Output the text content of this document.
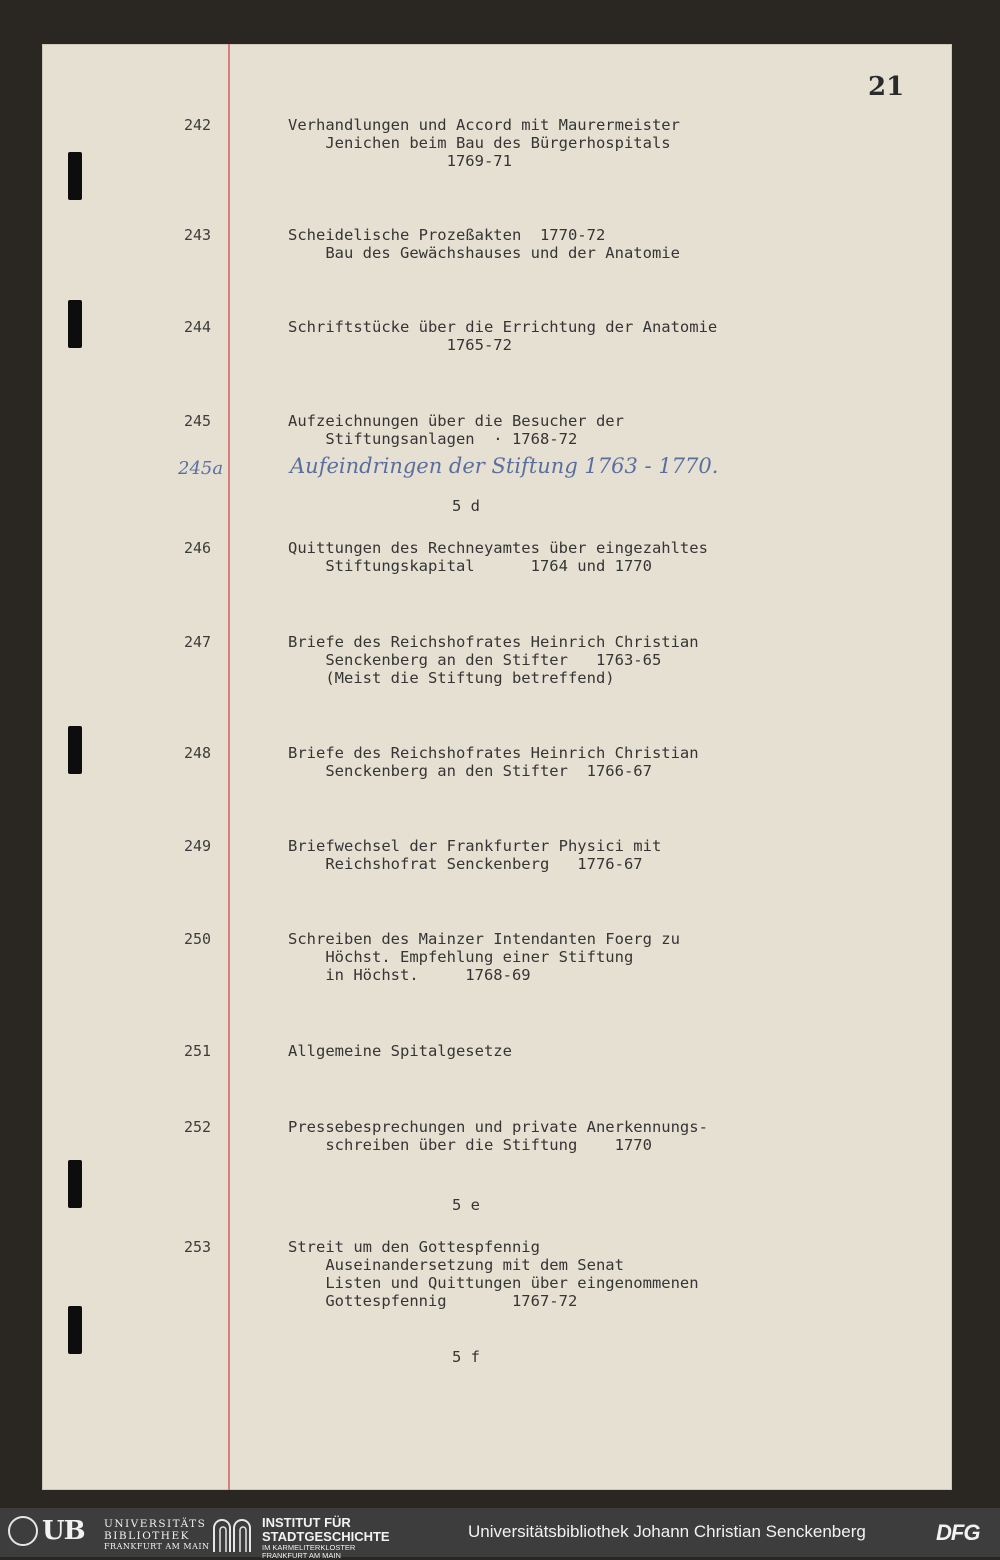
21
242	Verhandlungen und Accord mit Maurermeister
Jenichen beim Bau des Bürgerhospitals
1769-71
243	Scheidelische Prozeßakten  1770-72
Bau des Gewächshauses und der Anatomie
244	Schriftstücke über die Errichtung der Anatomie
1765-72
245	Aufzeichnungen über die Besucher der
Stiftungsanlagen  · 1768-72
245a	Aufeindringen der Stiftung 1763 - 1770.
5 d
246	Quittungen des Rechneyamtes über eingezahltes
Stiftungskapital      1764 und 1770
247	Briefe des Reichshofrates Heinrich Christian
Senckenberg an den Stifter   1763-65
(Meist die Stiftung betreffend)
248	Briefe des Reichshofrates Heinrich Christian
Senckenberg an den Stifter  1766-67
249	Briefwechsel der Frankfurter Physici mit
Reichshofrat Senckenberg   1776-67
250	Schreiben des Mainzer Intendanten Foerg zu
Höchst. Empfehlung einer Stiftung
in Höchst.     1768-69
251	Allgemeine Spitalgesetze
252	Pressebesprechungen und private Anerkennungs-
schreiben über die Stiftung    1770
5 e
253	Streit um den Gottespfennig
Auseinandersetzung mit dem Senat
Listen und Quittungen über eingenommenen
Gottespfennig       1767-72
5 f
UB UNIVERSITÄTS
BIBLIOTHEK
FRANKFURT AM MAIN
INSTITUT FÜR
STADTGESCHICHTE
IM KARMELITERKLOSTER
FRANKFURT AM MAIN
Universitätsbibliothek Johann Christian Senckenberg	DFG
